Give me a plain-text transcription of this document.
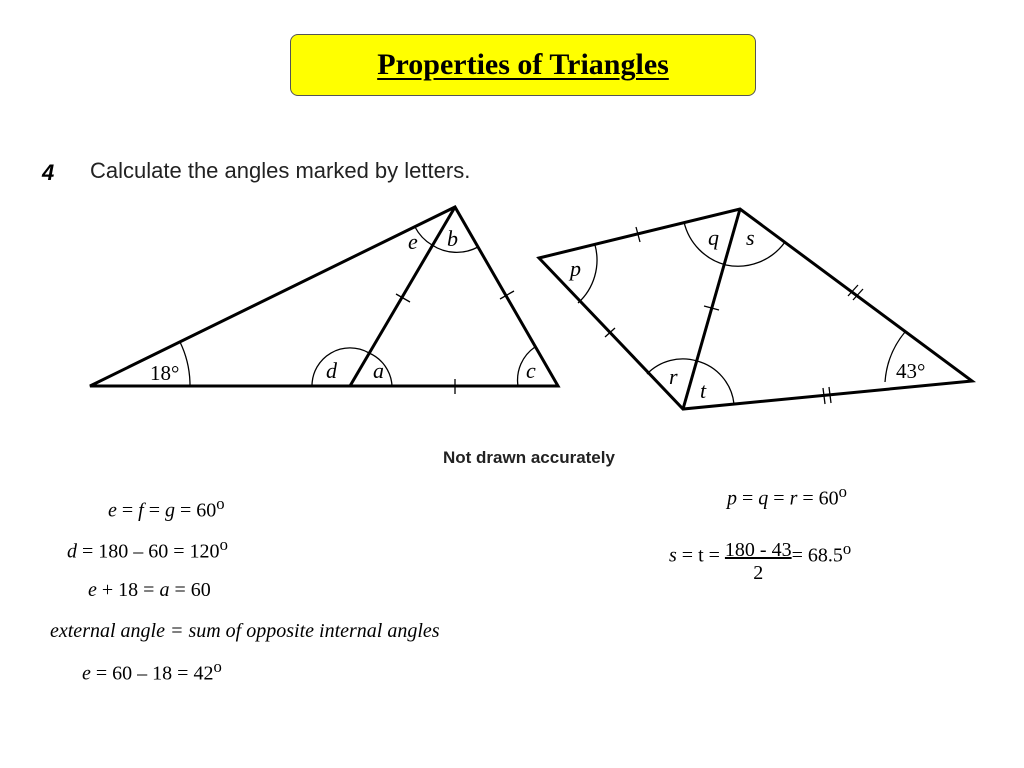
Properties of Triangles
4 Calculate the angles marked by letters.
18°
e b
d a	c
p
q s
r
t
43°
Not drawn accurately
$e = f = g = 60^o$
$d = 180 - 60 = 120^o$
e + 18 = a = 60
external angle = sum of opposite internal angles
$e = 60 - 18 = 42^o$
$p = q = r = 60^o$
$s = t = \frac{180 - 43}{2} = 68.5^o$
